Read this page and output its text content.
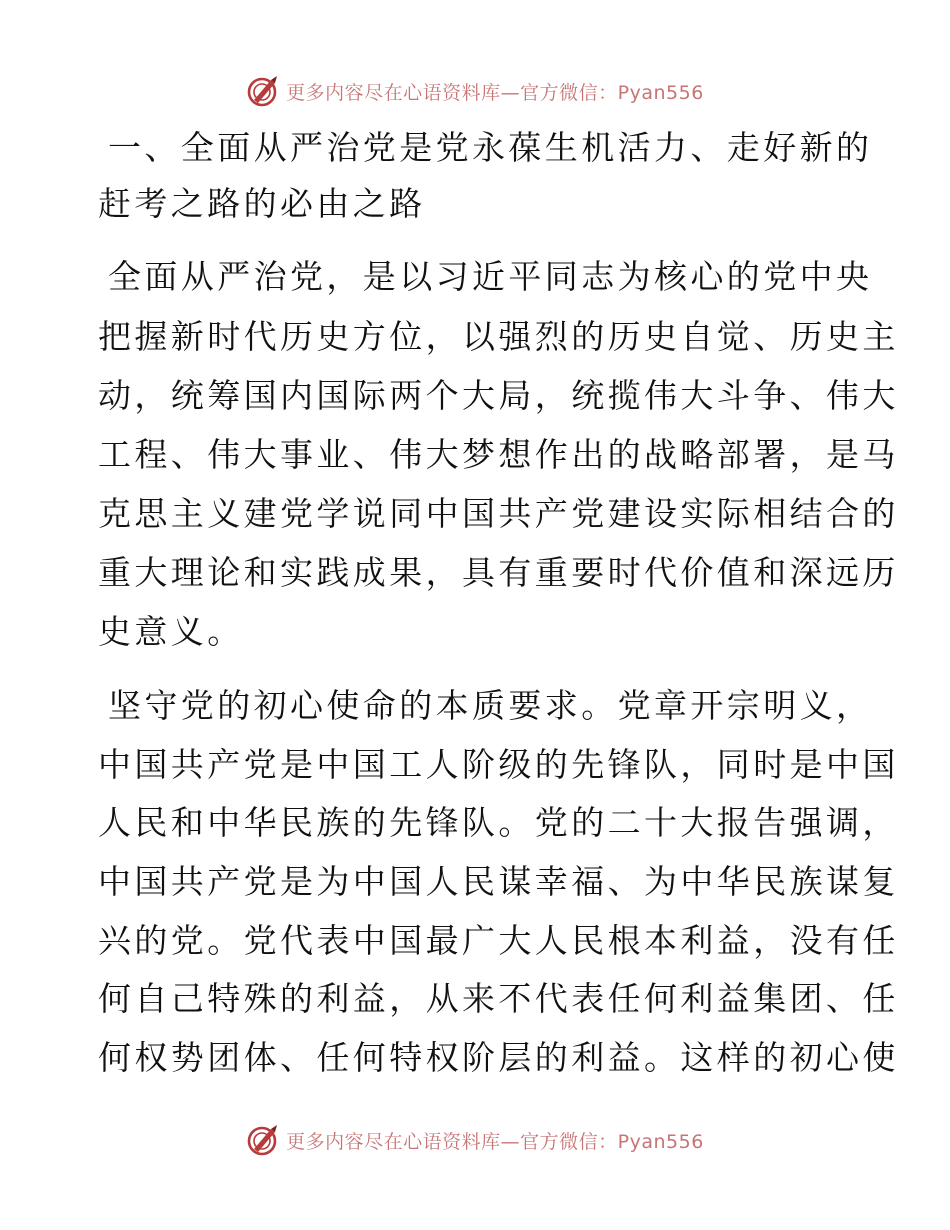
更多内容尽在心语资料库—官方微信：Pyan556
一、全面从严治党是党永葆生机活力、走好新的
赶考之路的必由之路
全面从严治党，是以习近平同志为核心的党中央
把握新时代历史方位，以强烈的历史自觉、历史主
动，统筹国内国际两个大局，统揽伟大斗争、伟大
工程、伟大事业、伟大梦想作出的战略部署，是马
克思主义建党学说同中国共产党建设实际相结合的
重大理论和实践成果，具有重要时代价值和深远历
史意义。
坚守党的初心使命的本质要求。党章开宗明义，
中国共产党是中国工人阶级的先锋队，同时是中国
人民和中华民族的先锋队。党的二十大报告强调，
中国共产党是为中国人民谋幸福、为中华民族谋复
兴的党。党代表中国最广大人民根本利益，没有任
何自己特殊的利益，从来不代表任何利益集团、任
何权势团体、任何特权阶层的利益。这样的初心使
更多内容尽在心语资料库—官方微信：Pyan556
